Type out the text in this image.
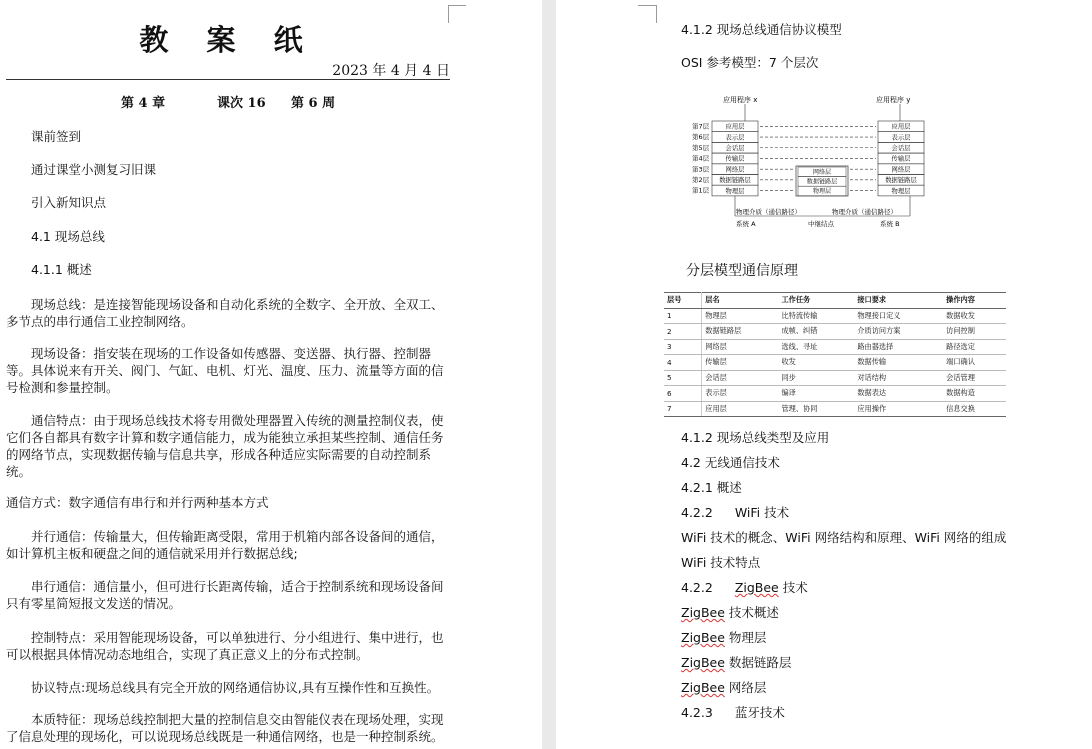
教 案 纸
2023 年 4 月 4 日
第 4 章	课次 16 第 6 周
课前签到
通过课堂小测复习旧课
引入新知识点
4.1 现场总线
4.1.1 概述
现场总线：是连接智能现场设备和自动化系统的全数字、全开放、全双工、多节点的串行通信工业控制网络。
现场设备：指安装在现场的工作设备如传感器、变送器、执行器、控制器等。具体说来有开关、阀门、气缸、电机、灯光、温度、压力、流量等方面的信号检测和参量控制。
通信特点：由于现场总线技术将专用微处理器置入传统的测量控制仪表，使它们各自都具有数字计算和数字通信能力，成为能独立承担某些控制、通信任务的网络节点，实现数据传输与信息共享，形成各种适应实际需要的自动控制系统。
通信方式：数字通信有串行和并行两种基本方式
并行通信：传输量大，但传输距离受限，常用于机箱内部各设备间的通信，如计算机主板和硬盘之间的通信就采用并行数据总线;
串行通信：通信量小，但可进行长距离传输，适合于控制系统和现场设备间只有零星简短报文发送的情况。
控制特点：采用智能现场设备，可以单独进行、分小组进行、集中进行，也可以根据具体情况动态地组合，实现了真正意义上的分布式控制。
协议特点:现场总线具有完全开放的网络通信协议,具有互操作性和互换性。
本质特征：现场总线控制把大量的控制信息交由智能仪表在现场处理，实现了信息处理的现场化，可以说现场总线既是一种通信网络，也是一种控制系统。
4.1.2 现场总线通信协议模型
OSI 参考模型：7 个层次
应用程序 x	应用程序 y
第7层	应用层	应用层
第6层	表示层	表示层
第5层	会话层	会话层
第4层	传输层	传输层
第3层	网络层	网络层
网络层
第2层 数据链路层	数据链路层
数据链路层
第1层	物理层	物理层
物理层
物理介质（通信路径）	物理介质（通信路径）
系统 A	中继结点	系统 B
分层模型通信原理
层号	层名	工作任务	接口要求	操作内容
1	物理层	比特流传输	物理接口定义	数据收发
2	数据链路层	成帧、纠错	介质访问方案	访问控制
3	网络层	选线、寻址	路由器选择	路径选定
4	传输层	收发	数据传输	端口确认
5	会话层	同步	对话结构	会话管理
6	表示层	编译	数据表达	数据构造
7	应用层	管理、协同	应用操作	信息交换
4.1.2 现场总线类型及应用
4.2 无线通信技术
4.2.1 概述
4.2.2 WiFi 技术
WiFi 技术的概念、WiFi 网络结构和原理、WiFi 网络的组成
WiFi 技术特点
4.2.2 ZigBee 技术
ZigBee 技术概述
ZigBee 物理层
ZigBee 数据链路层
ZigBee 网络层
4.2.3 蓝牙技术
